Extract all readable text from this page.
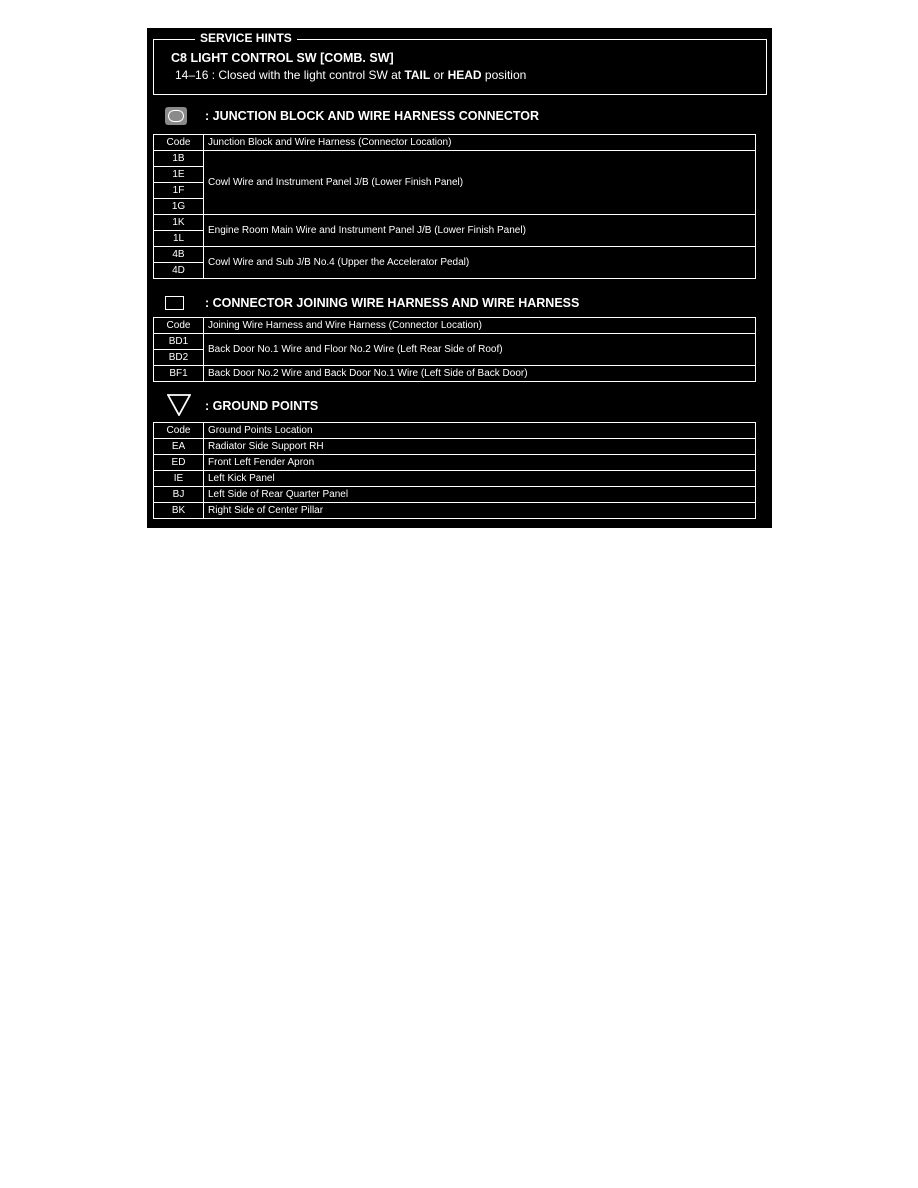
SERVICE HINTS
C8 LIGHT CONTROL SW [COMB. SW]
14–16 : Closed with the light control SW at TAIL or HEAD position
: JUNCTION BLOCK AND WIRE HARNESS CONNECTOR
Code	Junction Block and Wire Harness (Connector Location)
1B	Cowl Wire and Instrument Panel J/B (Lower Finish Panel)
1E	
1F	
1G	
1K	Engine Room Main Wire and Instrument Panel J/B (Lower Finish Panel)
1L	
4B	Cowl Wire and Sub J/B No.4 (Upper the Accelerator Pedal)
4D	
: CONNECTOR JOINING WIRE HARNESS AND WIRE HARNESS
Code	Joining Wire Harness and Wire Harness (Connector Location)
BD1	Back Door No.1 Wire and Floor No.2 Wire (Left Rear Side of Roof)
BD2	
BF1	Back Door No.2 Wire and Back Door No.1 Wire (Left Side of Back Door)
: GROUND POINTS
Code	Ground Points Location
EA	Radiator Side Support RH
ED	Front Left Fender Apron
IE	Left Kick Panel
BJ	Left Side of Rear Quarter Panel
BK	Right Side of Center Pillar
